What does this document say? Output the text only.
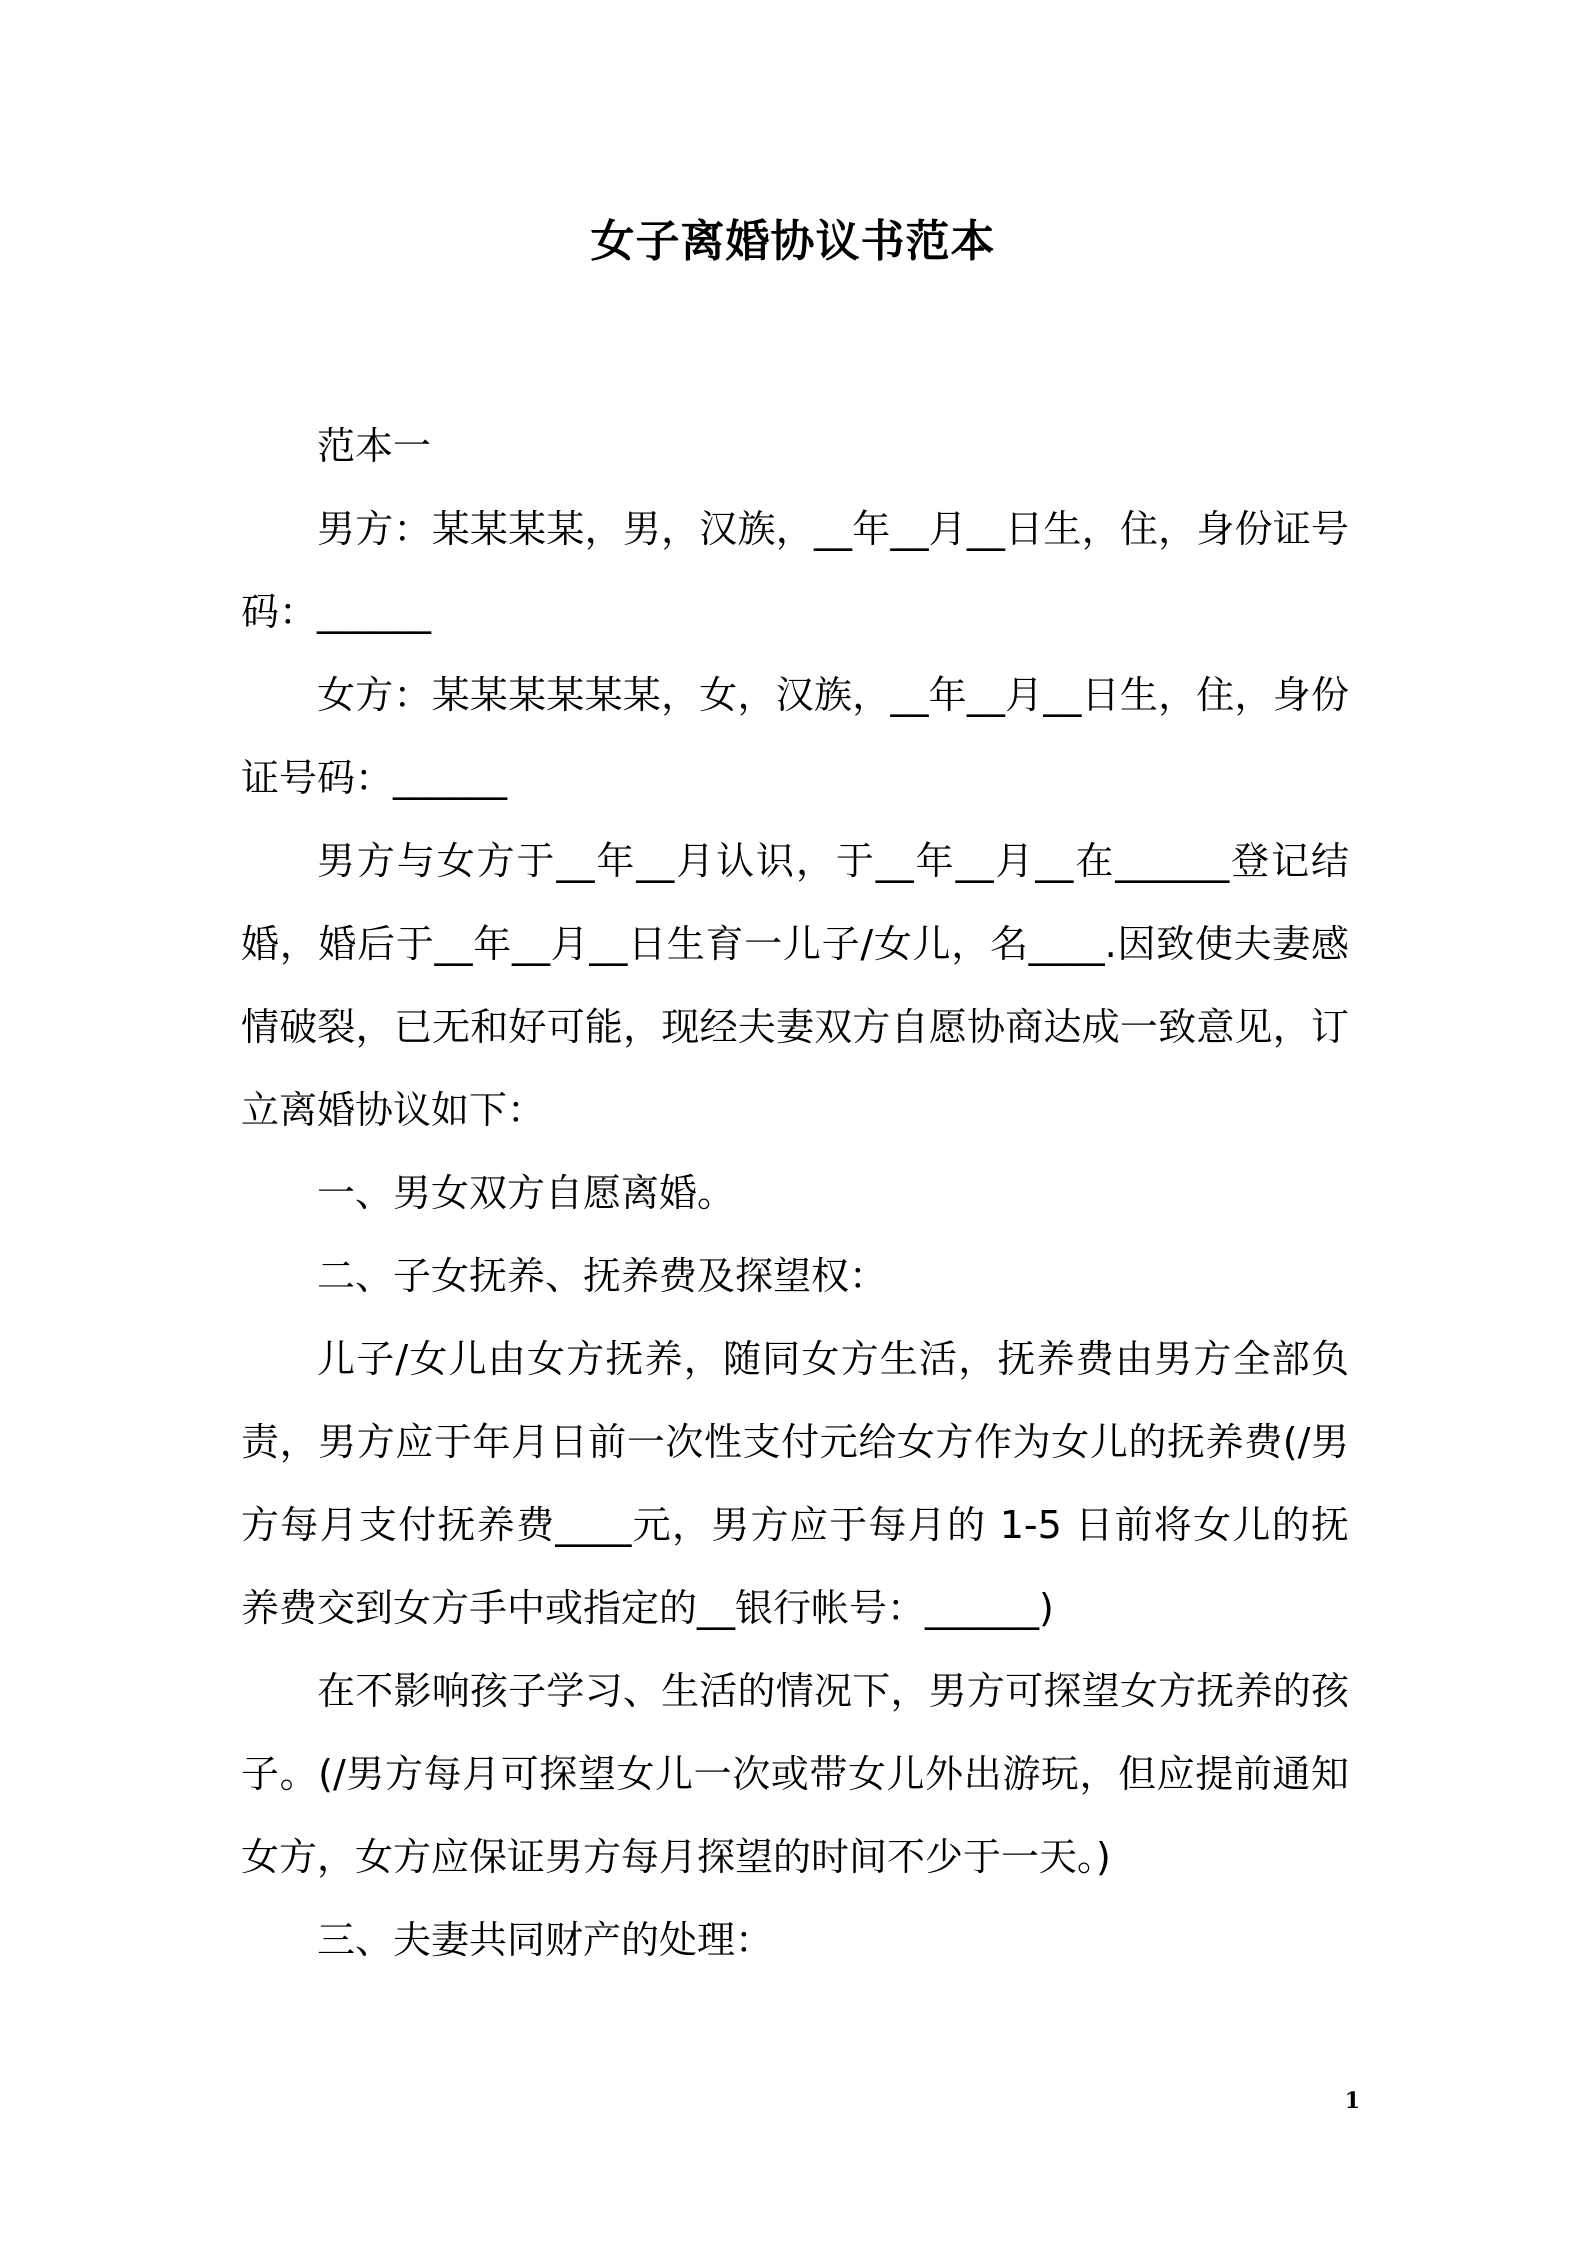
女子离婚协议书范本

范本一

男方：某某某某，男，汉族，__年__月__日生，住，身份证号码：______

女方：某某某某某某，女，汉族，__年__月__日生，住，身份证号码：______

男方与女方于__年__月认识，于__年__月__在______登记结婚，婚后于__年__月__日生育一儿子/女儿，名____.因致使夫妻感情破裂，已无和好可能，现经夫妻双方自愿协商达成一致意见，订立离婚协议如下：

一、男女双方自愿离婚。

二、子女抚养、抚养费及探望权：

儿子/女儿由女方抚养，随同女方生活，抚养费由男方全部负责，男方应于年月日前一次性支付元给女方作为女儿的抚养费(/男方每月支付抚养费____元，男方应于每月的 1-5 日前将女儿的抚养费交到女方手中或指定的__银行帐号：______)

在不影响孩子学习、生活的情况下，男方可探望女方抚养的孩子。(/男方每月可探望女儿一次或带女儿外出游玩，但应提前通知女方，女方应保证男方每月探望的时间不少于一天。)

三、夫妻共同财产的处理：

1
